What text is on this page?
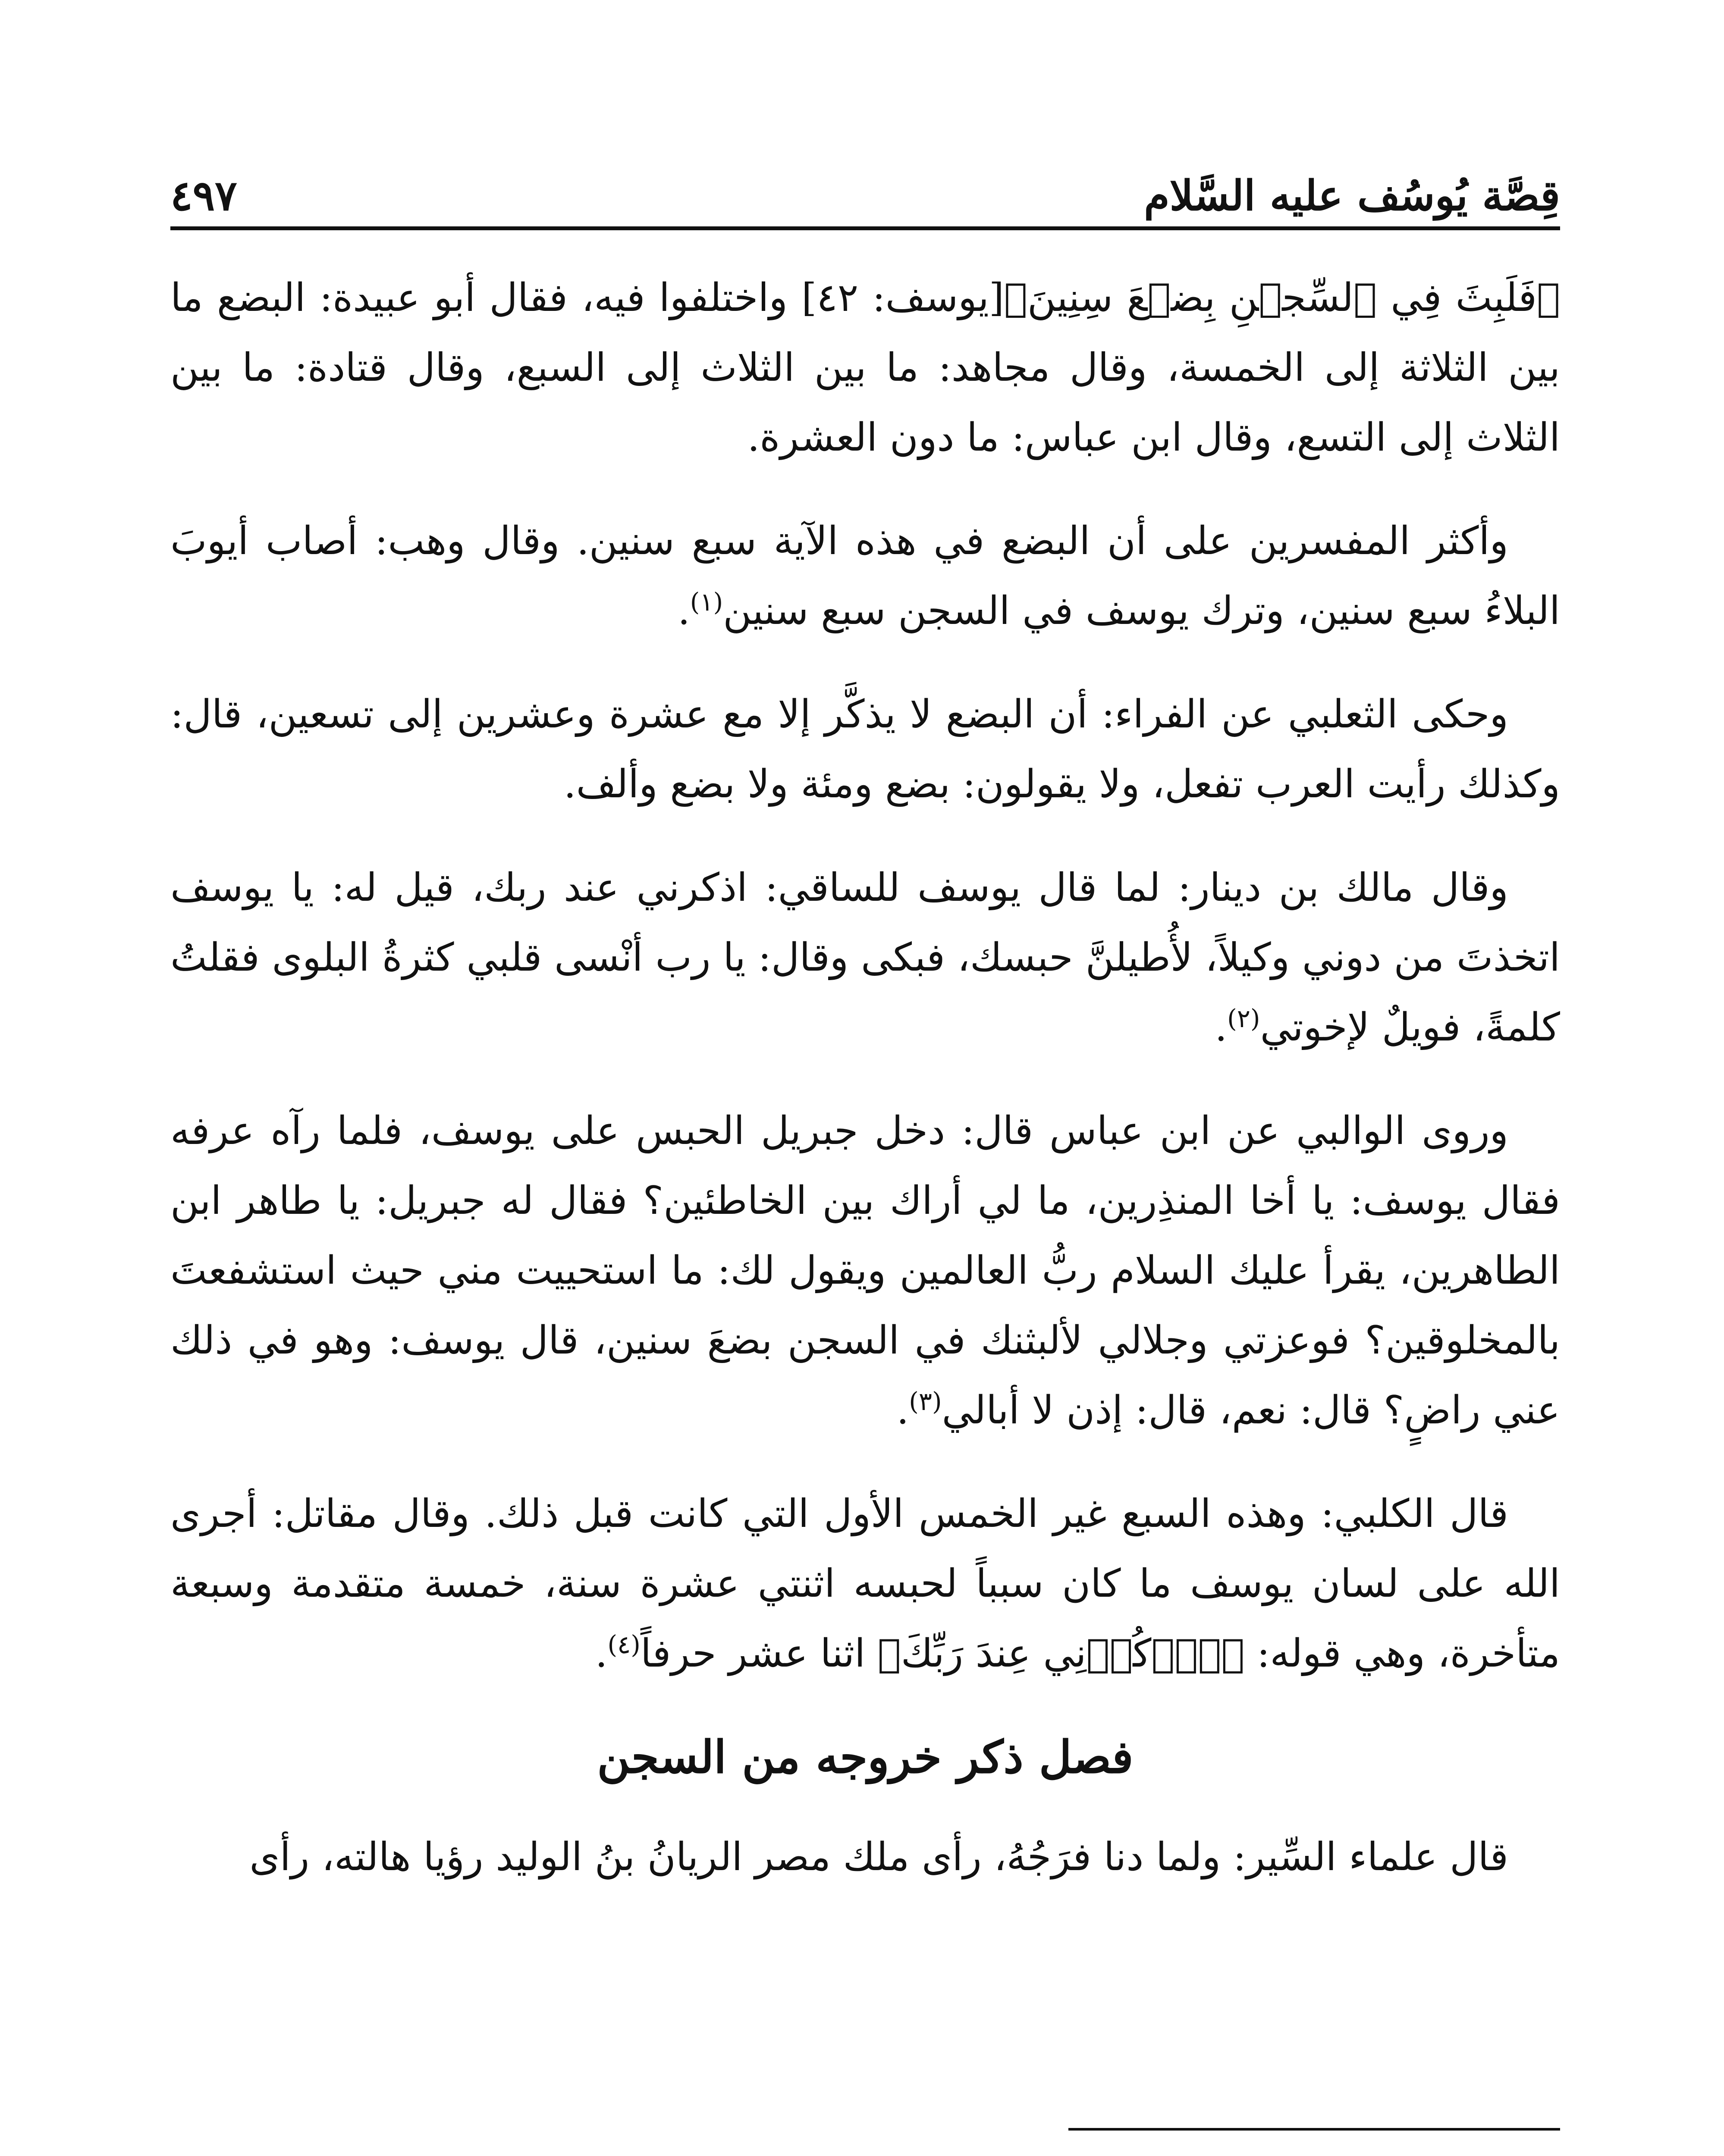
٤٩٧	قِصَّة يُوسُف عليه السَّلام

﴿فَلَبِثَ فِي ٱلسِّجۡنِ بِضۡعَ سِنِينَ﴾[يوسف: ٤٢] واختلفوا فيه، فقال أبو عبيدة: البضع ما بين الثلاثة إلى الخمسة، وقال مجاهد: ما بين الثلاث إلى السبع، وقال قتادة: ما بين الثلاث إلى التسع، وقال ابن عباس: ما دون العشرة.

وأكثر المفسرين على أن البضع في هذه الآية سبع سنين. وقال وهب: أصاب أيوبَ البلاءُ سبع سنين، وترك يوسف في السجن سبع سنين$^{(١)}$.

وحكى الثعلبي عن الفراء: أن البضع لا يذكَّر إلا مع عشرة وعشرين إلى تسعين، قال: وكذلك رأيت العرب تفعل، ولا يقولون: بضع ومئة ولا بضع وألف.

وقال مالك بن دينار: لما قال يوسف للساقي: اذكرني عند ربك، قيل له: يا يوسف اتخذتَ من دوني وكيلاً، لأُطيلنَّ حبسك، فبكى وقال: يا رب أنْسى قلبي كثرةُ البلوى فقلتُ كلمةً، فويلٌ لإخوتي$^{(٢)}$.

وروى الوالبي عن ابن عباس قال: دخل جبريل الحبس على يوسف، فلما رآه عرفه فقال يوسف: يا أخا المنذِرين، ما لي أراك بين الخاطئين؟ فقال له جبريل: يا طاهر ابن الطاهرين، يقرأ عليك السلام ربُّ العالمين ويقول لك: ما استحييت مني حيث استشفعتَ بالمخلوقين؟ فوعزتي وجلالي لألبثنك في السجن بضعَ سنين، قال يوسف: وهو في ذلك عني راضٍ؟ قال: نعم، قال: إذن لا أبالي$^{(٣)}$.

قال الكلبي: وهذه السبع غير الخمس الأول التي كانت قبل ذلك. وقال مقاتل: أجرى الله على لسان يوسف ما كان سبباً لحبسه اثنتي عشرة سنة، خمسة متقدمة وسبعة متأخرة، وهي قوله: ﴿ٱذۡكُرۡنِي عِندَ رَبِّكَ﴾ اثنا عشر حرفاً$^{(٤)}$.

فصل ذكر خروجه من السجن

قال علماء السِّير: ولما دنا فرَجُهُ، رأى ملك مصر الريانُ بنُ الوليد رؤيا هالته، رأى
